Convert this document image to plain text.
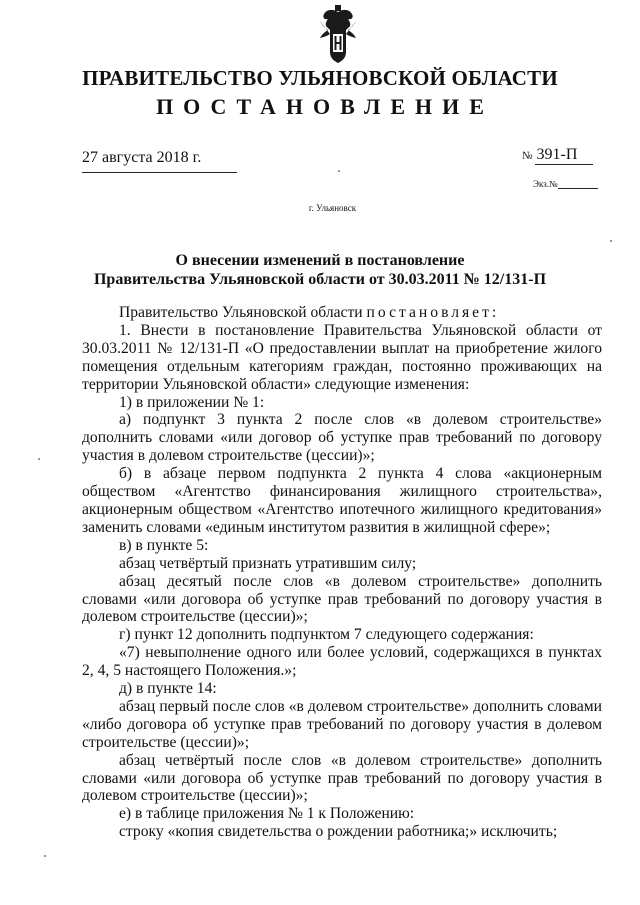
ПРАВИТЕЛЬСТВО УЛЬЯНОВСКОЙ ОБЛАСТИ
ПОСТАНОВЛЕНИЕ
27 августа 2018 г.	№ 391-П
Экз.№
г. Ульяновск
О внесении изменений в постановление
Правительства Ульяновской области от 30.03.2011 № 12/131-П

Правительство Ульяновской области постановляет:

1. Внести в постановление Правительства Ульяновской области от 30.03.2011 № 12/131-П «О предоставлении выплат на приобретение жилого помещения отдельным категориям граждан, постоянно проживающих на территории Ульяновской области» следующие изменения:

1) в приложении № 1:

а) подпункт 3 пункта 2 после слов «в долевом строительстве» дополнить словами «или договор об уступке прав требований по договору участия в долевом строительстве (цессии)»;

б) в абзаце первом подпункта 2 пункта 4 слова «акционерным обществом «Агентство финансирования жилищного строительства», акционерным обществом «Агентство ипотечного жилищного кредитования» заменить словами «единым институтом развития в жилищной сфере»;

в) в пункте 5:

абзац четвёртый признать утратившим силу;

абзац десятый после слов «в долевом строительстве» дополнить словами «или договора об уступке прав требований по договору участия в долевом строительстве (цессии)»;

г) пункт 12 дополнить подпунктом 7 следующего содержания:

«7) невыполнение одного или более условий, содержащихся в пунктах 2, 4, 5 настоящего Положения.»;

д) в пункте 14:

абзац первый после слов «в долевом строительстве» дополнить словами «либо договора об уступке прав требований по договору участия в долевом строительстве (цессии)»;

абзац четвёртый после слов «в долевом строительстве» дополнить словами «или договора об уступке прав требований по договору участия в долевом строительстве (цессии)»;

е) в таблице приложения № 1 к Положению:

строку «копия свидетельства о рождении работника;» исключить;
